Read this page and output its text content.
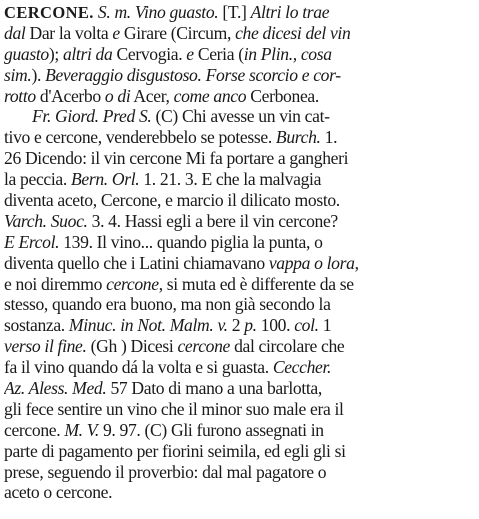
CERCONE. S. m. Vino guasto. [T.] Altri lo trae
dal Dar la volta e Girare (Circum, che dicesi del vin
guasto); altri da Cervogia. e Ceria (in Plin., cosa
sim.). Beveraggio disgustoso. Forse scorcio e cor-
rotto d'Acerbo o di Acer, come anco Cerbonea.
Fr. Giord. Pred S. (C) Chi avesse un vin cat-
tivo e cercone, venderebbelo se potesse. Burch. 1.
26 Dicendo: il vin cercone Mi fa portare a gangheri
la peccia. Bern. Orl. 1. 21. 3. E che la malvagia
diventa aceto, Cercone, e marcio il dilicato mosto.
Varch. Suoc. 3. 4. Hassi egli a bere il vin cercone?
E Ercol. 139. Il vino... quando piglia la punta, o
diventa quello che i Latini chiamavano vappa o lora,
e noi diremmo cercone, si muta ed è differente da se
stesso, quando era buono, ma non già secondo la
sostanza. Minuc. in Not. Malm. v. 2 p. 100. col. 1
verso il fine. (Gh ) Dicesi cercone dal circolare che
fa il vino quando dá la volta e si guasta. Ceccher.
Az. Aless. Med. 57 Dato di mano a una barlotta,
gli fece sentire un vino che il minor suo male era il
cercone. M. V. 9. 97. (C) Gli furono assegnati in
parte di pagamento per fiorini seimila, ed egli gli si
prese, seguendo il proverbio: dal mal pagatore o
aceto o cercone.
